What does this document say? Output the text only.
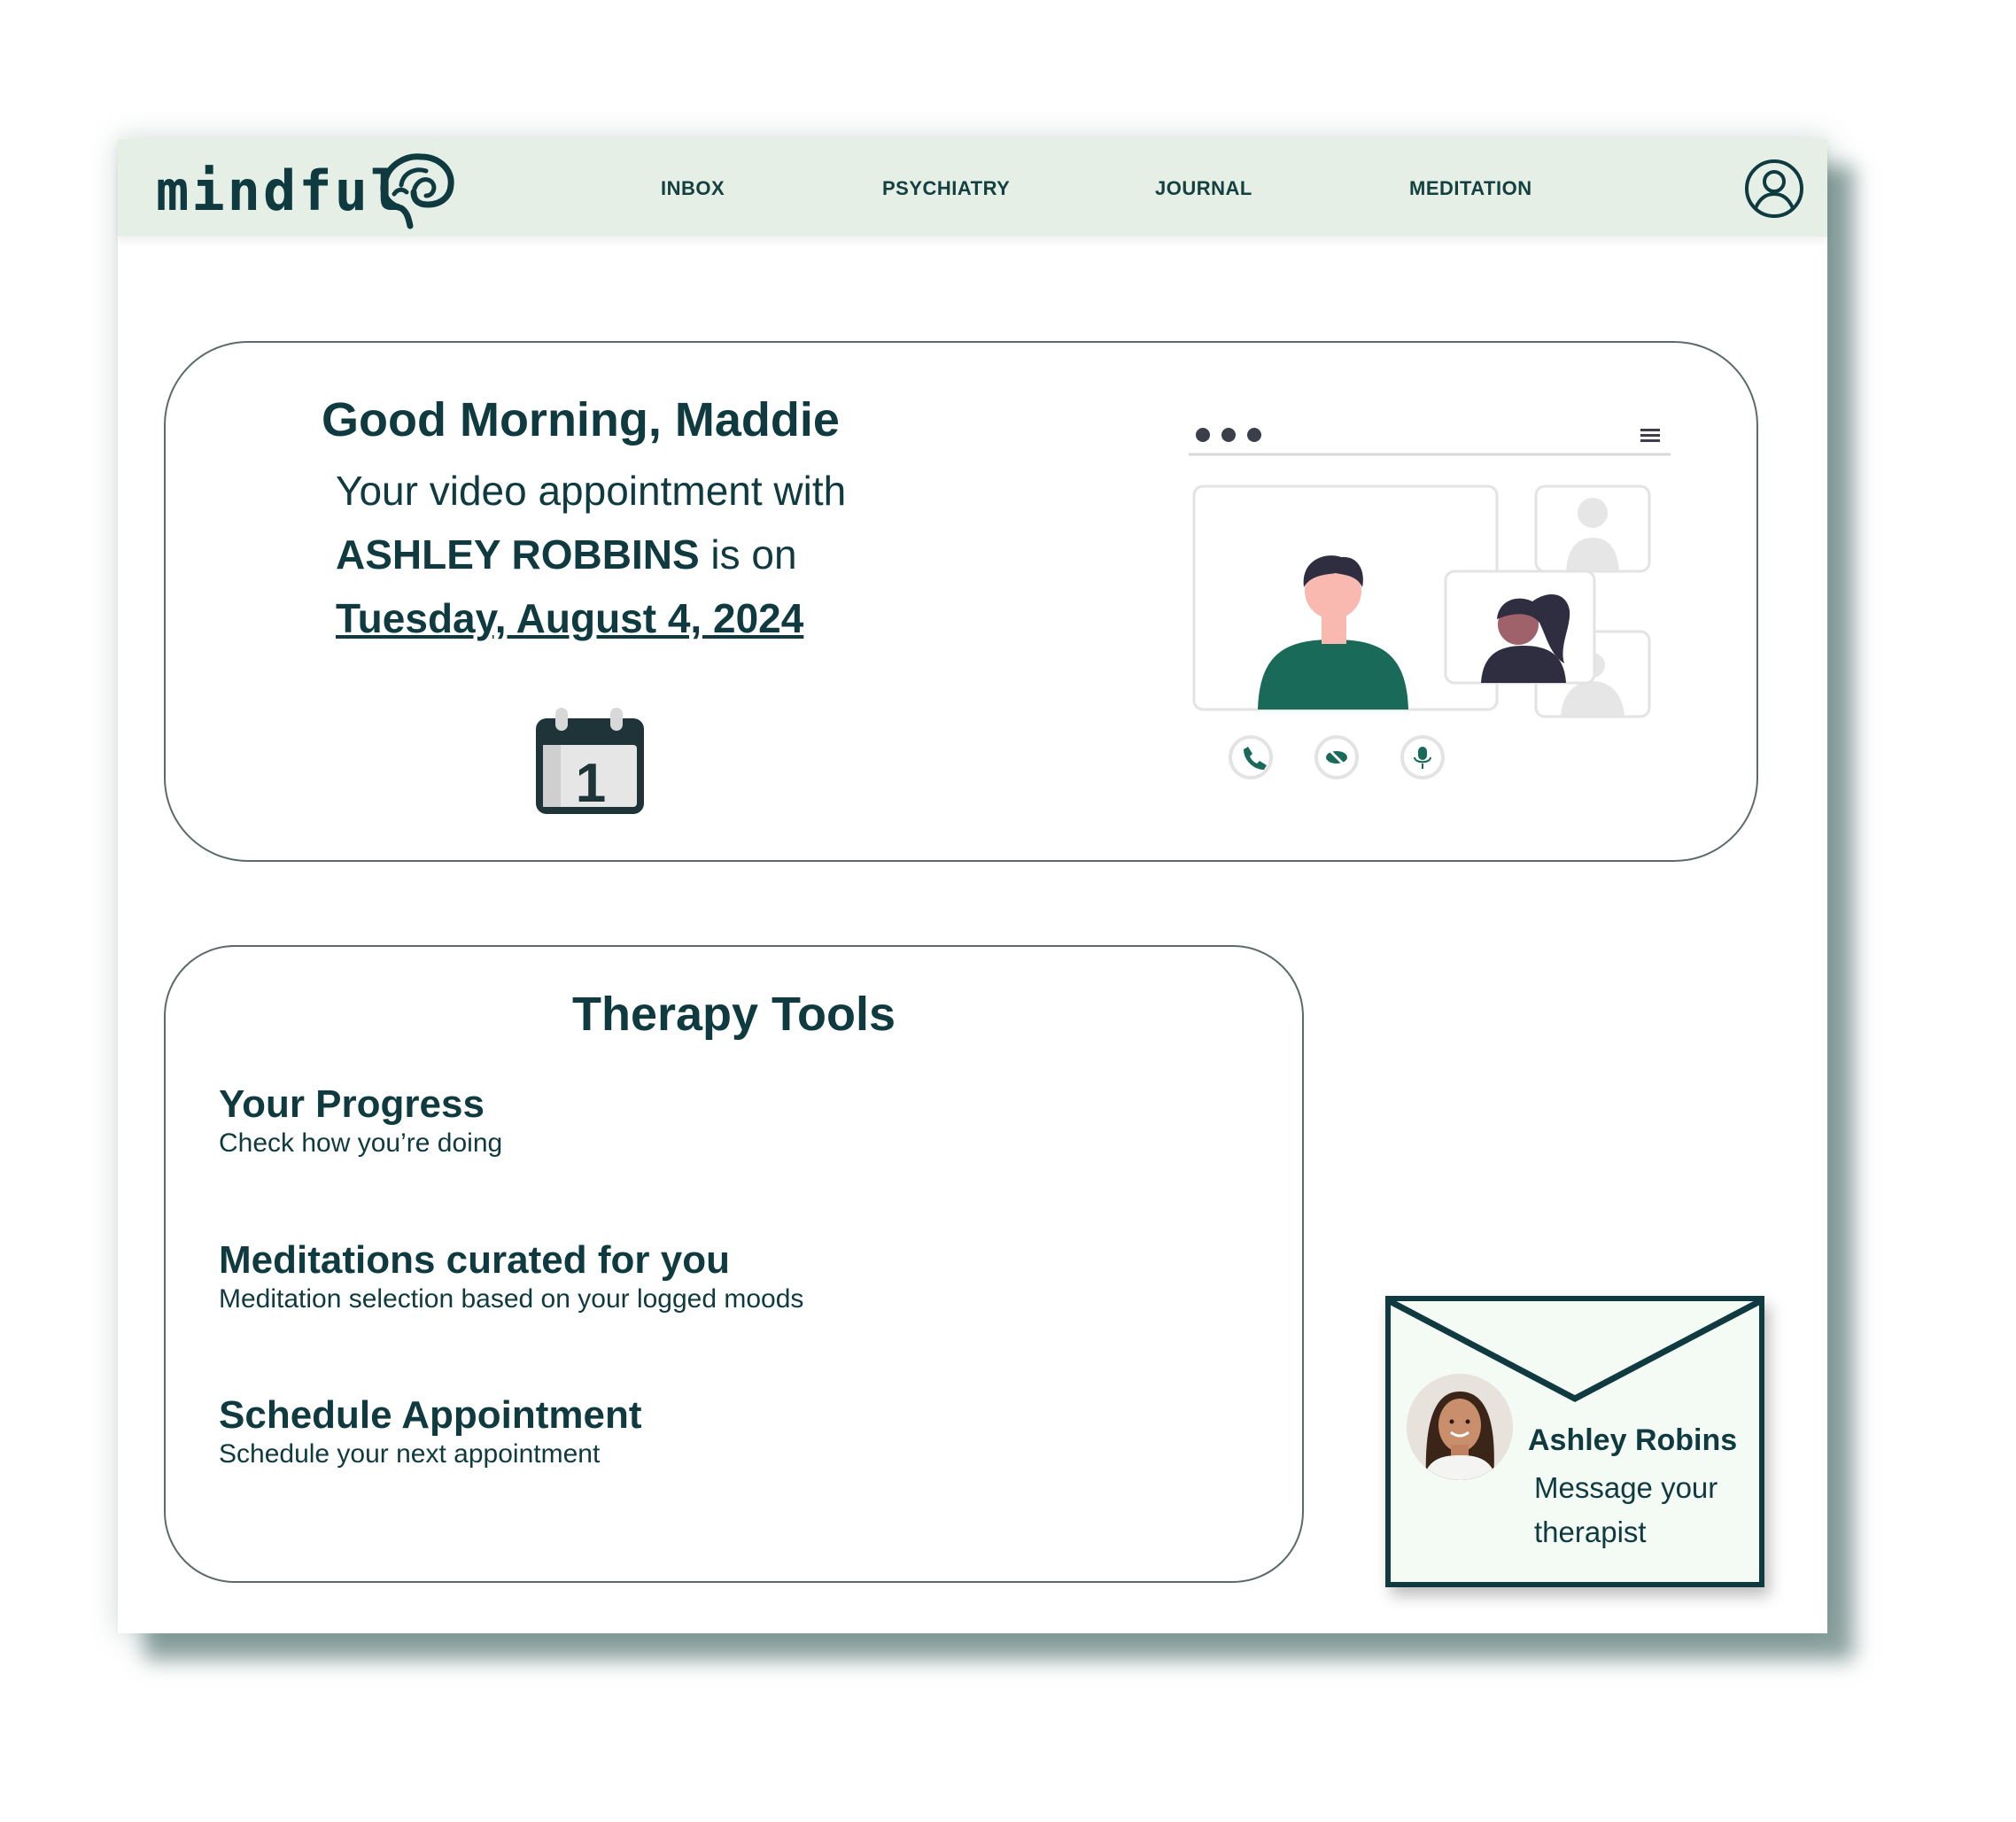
mindful	INBOX	PSYCHIATRY	JOURNAL	MEDITATION
Good Morning, Maddie
Your video appointment with
ASHLEY ROBBINS is on
Tuesday, August 4, 2024
1
Therapy Tools
Your Progress
Check how you’re doing
Meditations curated for you
Meditation selection based on your logged moods
Schedule Appointment
Schedule your next appointment	Ashley Robins
Message your therapist
